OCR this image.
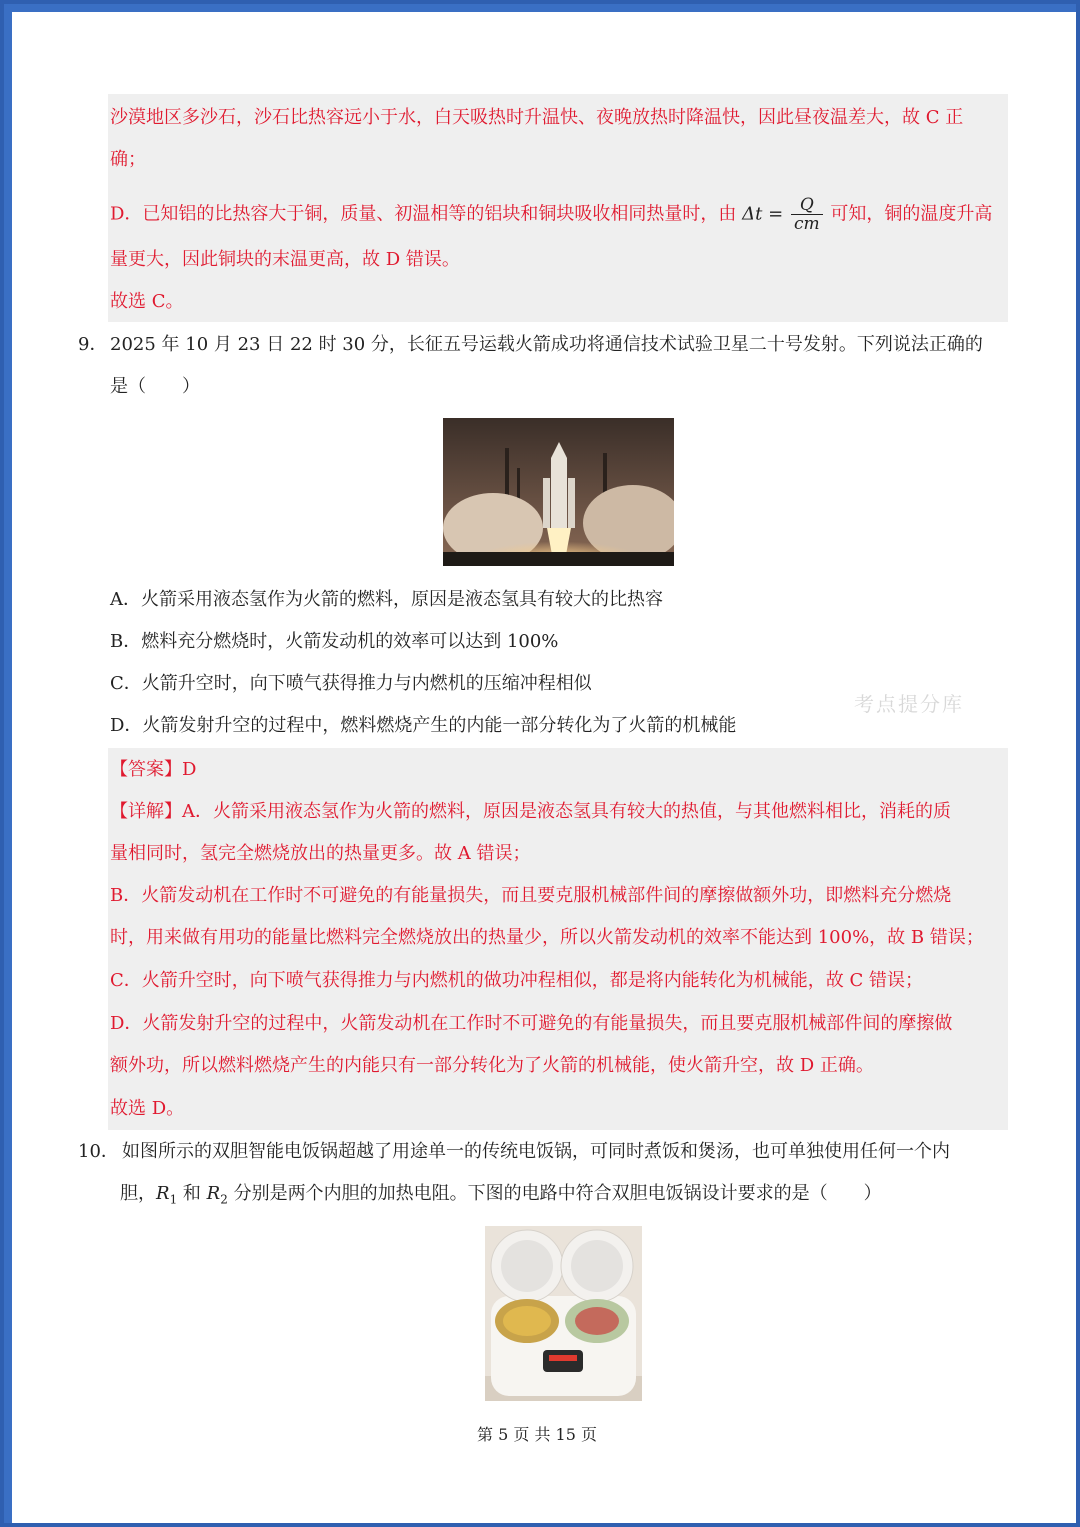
沙漠地区多沙石，沙石比热容远小于水，白天吸热时升温快、夜晚放热时降温快，因此昼夜温差大，故 C 正
确；
D．已知铝的比热容大于铜，质量、初温相等的铝块和铜块吸收相同热量时，由 $\Delta t = \frac{Q}{cm}$ 可知，铜的温度升高
量更大，因此铜块的末温更高，故 D 错误。
故选 C。
9． 2025 年 10 月 23 日 22 时 30 分，长征五号运载火箭成功将通信技术试验卫星二十号发射。下列说法正确的
是（　　）
A．火箭采用液态氢作为火箭的燃料，原因是液态氢具有较大的比热容
B．燃料充分燃烧时，火箭发动机的效率可以达到 100%
C．火箭升空时，向下喷气获得推力与内燃机的压缩冲程相似
D．火箭发射升空的过程中，燃料燃烧产生的内能一部分转化为了火箭的机械能
考点提分库
【答案】D
【详解】A．火箭采用液态氢作为火箭的燃料，原因是液态氢具有较大的热值，与其他燃料相比，消耗的质
量相同时，氢完全燃烧放出的热量更多。故 A 错误；
B．火箭发动机在工作时不可避免的有能量损失，而且要克服机械部件间的摩擦做额外功，即燃料充分燃烧
时，用来做有用功的能量比燃料完全燃烧放出的热量少，所以火箭发动机的效率不能达到 100%，故 B 错误；
C．火箭升空时，向下喷气获得推力与内燃机的做功冲程相似，都是将内能转化为机械能，故 C 错误；
D．火箭发射升空的过程中，火箭发动机在工作时不可避免的有能量损失，而且要克服机械部件间的摩擦做
额外功，所以燃料燃烧产生的内能只有一部分转化为了火箭的机械能，使火箭升空，故 D 正确。
故选 D。
10． 如图所示的双胆智能电饭锅超越了用途单一的传统电饭锅，可同时煮饭和煲汤，也可单独使用任何一个内
胆，$R_1$ 和 $R_2$ 分别是两个内胆的加热电阻。下图的电路中符合双胆电饭锅设计要求的是（　　）
第 5 页 共 15 页
